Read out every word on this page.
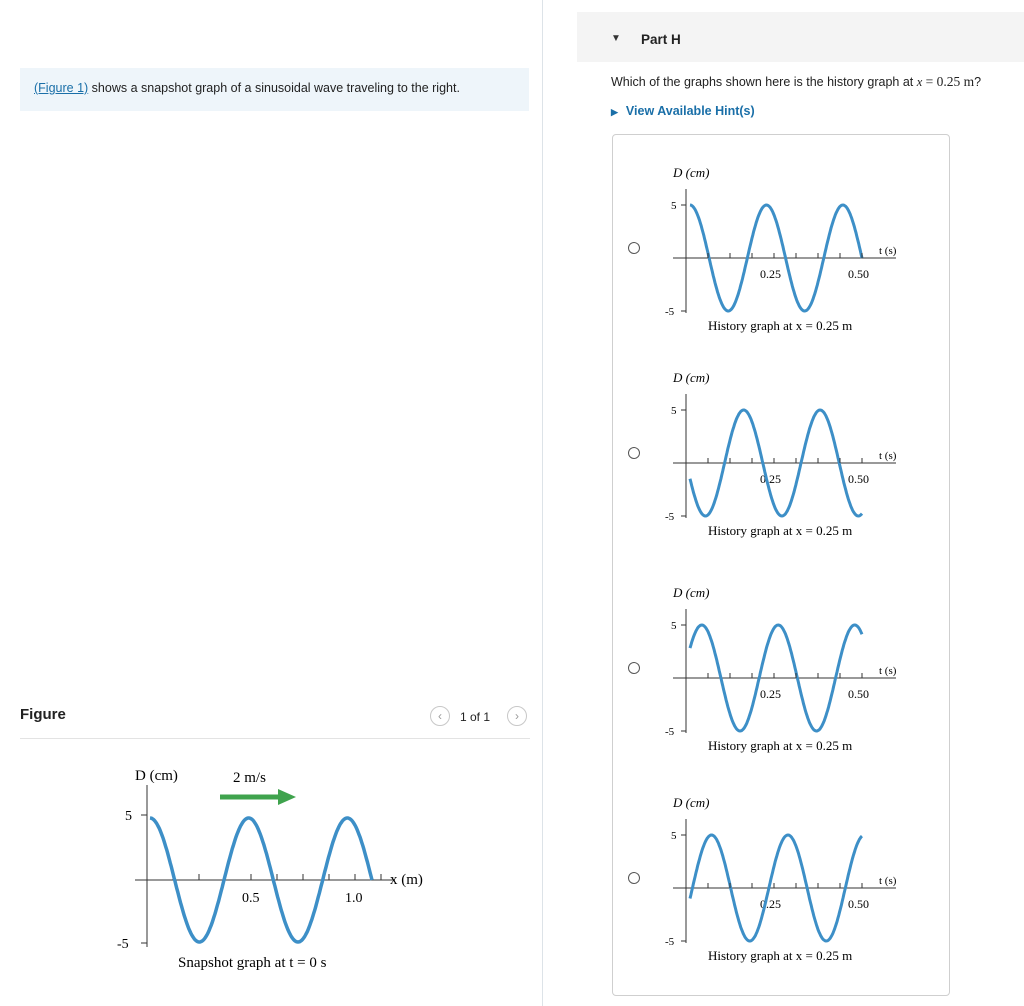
(Figure 1) shows a snapshot graph of a sinusoidal wave traveling to the right.
Figure	‹	1 of 1	›
D (cm)	2 m/s
5
-5
0.5	1.0
x (m)
Snapshot graph at t = 0 s
▼ Part H
Which of the graphs shown here is the history graph at x = 0.25 m?
▶ View Available Hint(s)
D (cm)
5
-5
0.25	0.50
t (s)
History graph at x = 0.25 m
D (cm)
5
-5
0.25	0.50
t (s)
History graph at x = 0.25 m
D (cm)
5
-5
0.25	0.50
t (s)
History graph at x = 0.25 m
D (cm)
5
-5
0.25	0.50
t (s)
History graph at x = 0.25 m
